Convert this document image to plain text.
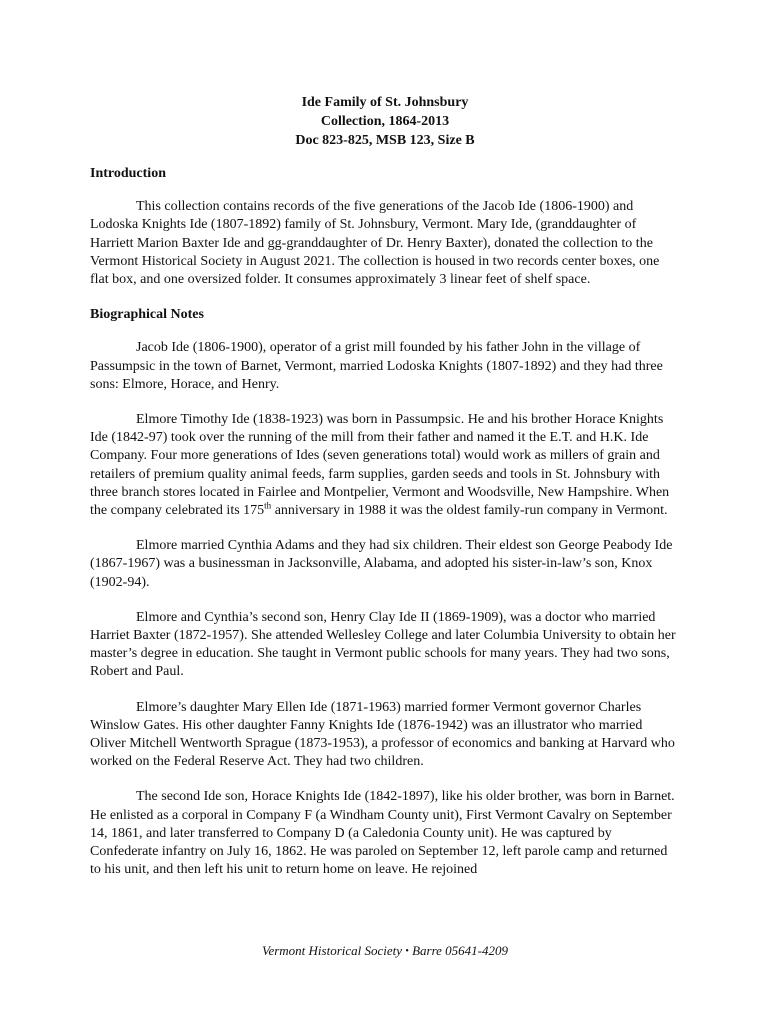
Ide Family of St. Johnsbury
Collection, 1864-2013
Doc 823-825, MSB 123, Size B
Introduction

This collection contains records of the five generations of the Jacob Ide (1806-1900) and Lodoska Knights Ide (1807-1892) family of St. Johnsbury, Vermont. Mary Ide, (granddaughter of Harriett Marion Baxter Ide and gg-granddaughter of Dr. Henry Baxter), donated the collection to the Vermont Historical Society in August 2021. The collection is housed in two records center boxes, one flat box, and one oversized folder. It consumes approximately 3 linear feet of shelf space.

Biographical Notes

Jacob Ide (1806-1900), operator of a grist mill founded by his father John in the village of Passumpsic in the town of Barnet, Vermont, married Lodoska Knights (1807-1892) and they had three sons: Elmore, Horace, and Henry.

Elmore Timothy Ide (1838-1923) was born in Passumpsic. He and his brother Horace Knights Ide (1842-97) took over the running of the mill from their father and named it the E.T. and H.K. Ide Company. Four more generations of Ides (seven generations total) would work as millers of grain and retailers of premium quality animal feeds, farm supplies, garden seeds and tools in St. Johnsbury with three branch stores located in Fairlee and Montpelier, Vermont and Woodsville, New Hampshire. When the company celebrated its 175th anniversary in 1988 it was the oldest family-run company in Vermont.

Elmore married Cynthia Adams and they had six children. Their eldest son George Peabody Ide (1867-1967) was a businessman in Jacksonville, Alabama, and adopted his sister-in-law’s son, Knox (1902-94).

Elmore and Cynthia’s second son, Henry Clay Ide II (1869-1909), was a doctor who married Harriet Baxter (1872-1957). She attended Wellesley College and later Columbia University to obtain her master’s degree in education. She taught in Vermont public schools for many years. They had two sons, Robert and Paul.

Elmore’s daughter Mary Ellen Ide (1871-1963) married former Vermont governor Charles Winslow Gates. His other daughter Fanny Knights Ide (1876-1942) was an illustrator who married Oliver Mitchell Wentworth Sprague (1873-1953), a professor of economics and banking at Harvard who worked on the Federal Reserve Act. They had two children.

The second Ide son, Horace Knights Ide (1842-1897), like his older brother, was born in Barnet. He enlisted as a corporal in Company F (a Windham County unit), First Vermont Cavalry on September 14, 1861, and later transferred to Company D (a Caledonia County unit). He was captured by Confederate infantry on July 16, 1862. He was paroled on September 12, left parole camp and returned to his unit, and then left his unit to return home on leave. He rejoined

Vermont Historical Society • Barre 05641-4209
